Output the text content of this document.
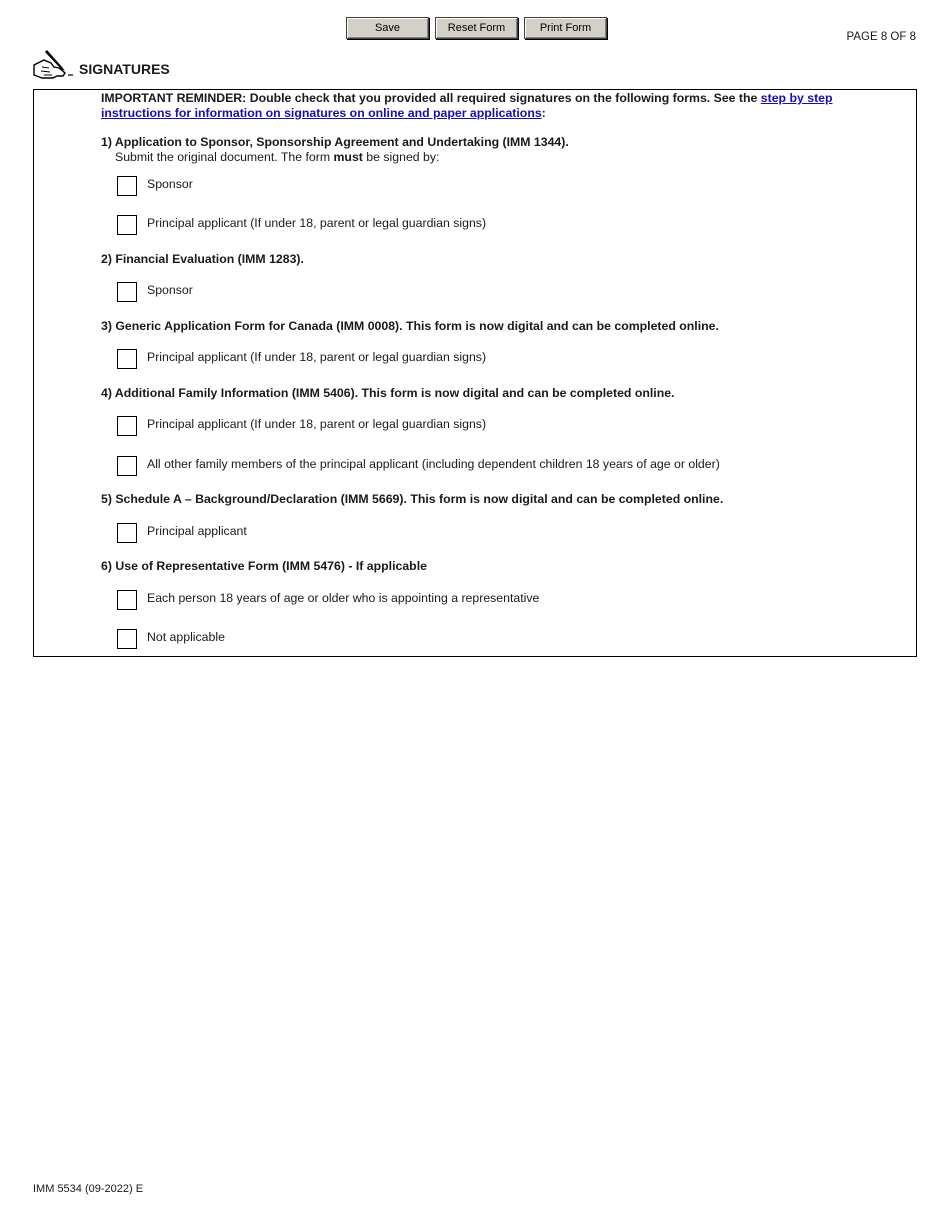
Save	Reset Form	Print Form
PAGE 8 OF 8
SIGNATURES
IMPORTANT REMINDER: Double check that you provided all required signatures on the following forms. See the step by step instructions for information on signatures on online and paper applications:
1) Application to Sponsor, Sponsorship Agreement and Undertaking (IMM 1344).
Submit the original document. The form must be signed by:
Sponsor
Principal applicant (If under 18, parent or legal guardian signs)
2) Financial Evaluation (IMM 1283).
Sponsor
3) Generic Application Form for Canada (IMM 0008). This form is now digital and can be completed online.
Principal applicant (If under 18, parent or legal guardian signs)
4) Additional Family Information (IMM 5406). This form is now digital and can be completed online.
Principal applicant (If under 18, parent or legal guardian signs)
All other family members of the principal applicant (including dependent children 18 years of age or older)
5) Schedule A – Background/Declaration (IMM 5669). This form is now digital and can be completed online.
Principal applicant
6) Use of Representative Form (IMM 5476) - If applicable
Each person 18 years of age or older who is appointing a representative
Not applicable
IMM 5534 (09-2022) E
